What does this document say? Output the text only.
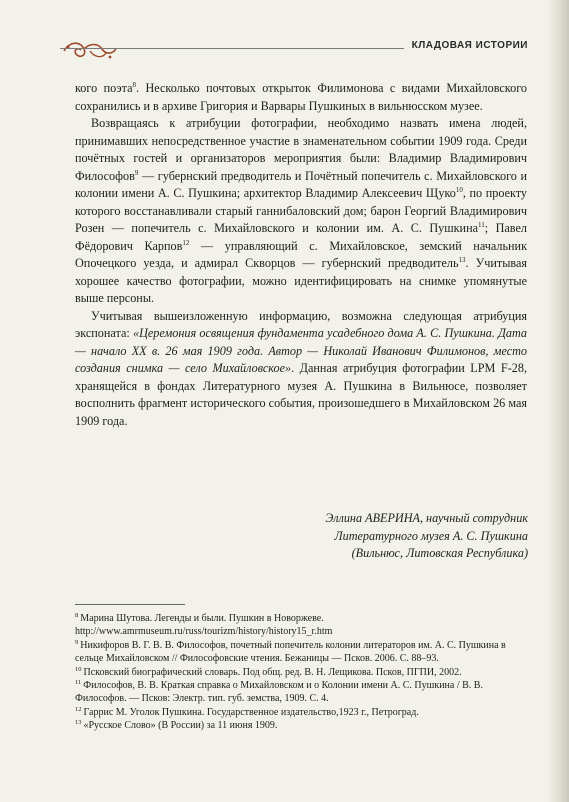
КЛАДОВАЯ ИСТОРИИ

кого поэта$^8$. Несколько почтовых открыток Филимонова с видами Михайловского сохранились и в архиве Григория и Варвары Пушкиных в вильнюсском музее.

Возвращаясь к атрибуции фотографии, необходимо назвать имена людей, принимавших непосредственное участие в знаменательном событии 1909 года. Среди почётных гостей и организаторов мероприятия были: Владимир Владимирович Философов$^9$ — губернский предводитель и Почётный попечитель с. Михайловского и колонии имени А. С. Пушкина; архитектор Владимир Алексеевич Щуко$^{10}$, по проекту которого восстанавливали старый ганнибаловский дом; барон Георгий Владимирович Розен — попечитель с. Михайловского и колонии им. А. С. Пушкина$^{11}$; Павел Фёдорович Карпов$^{12}$ — управляющий с. Михайловское, земский начальник Опочецкого уезда, и адмирал Скворцов — губернский предводитель$^{13}$. Учитывая хорошее качество фотографии, можно идентифицировать на снимке упомянутые выше персоны.

Учитывая вышеизложенную информацию, возможна следующая атрибуция экспоната: «Церемония освящения фундамента усадебного дома А. С. Пушкина. Дата — начало XX в. 26 мая 1909 года. Автор — Николай Иванович Филимонов, место создания снимка — село Михайловское». Данная атрибуция фотографии LPM F-28, хранящейся в фондах Литературного музея А. Пушкина в Вильнюсе, позволяет восполнить фрагмент исторического события, произошедшего в Михайловском 26 мая 1909 года.

Эллина АВЕРИНА, научный сотрудник
Литературного музея А. С. Пушкина
(Вильнюс, Литовская Республика)

$^8$ Марина Шутова. Легенды и были. Пушкин в Новоржеве. http://www.amrmuseum.ru/russ/tourizm/history/history15_r.htm

$^9$ Никифоров В. Г. В. В. Философов, почетный попечитель колонии литераторов им. А. С. Пушкина в сельце Михайловском // Философовские чтения. Бежаницы — Псков. 2006. С. 88–93.

$^{10}$ Псковский биографический словарь. Под общ. ред. В. Н. Лещикова. Псков, ПГПИ, 2002.

$^{11}$ Философов, В. В. Краткая справка о Михайловском и о Колонии имени А. С. Пушкина / В. В. Философов. — Псков: Электр. тип. губ. земства, 1909. С. 4.

$^{12}$ Гаррис М. Уголок Пушкина. Государственное издательство,1923 г., Петроград.

$^{13}$ «Русское Слово» (В России) за 11 июня 1909.
